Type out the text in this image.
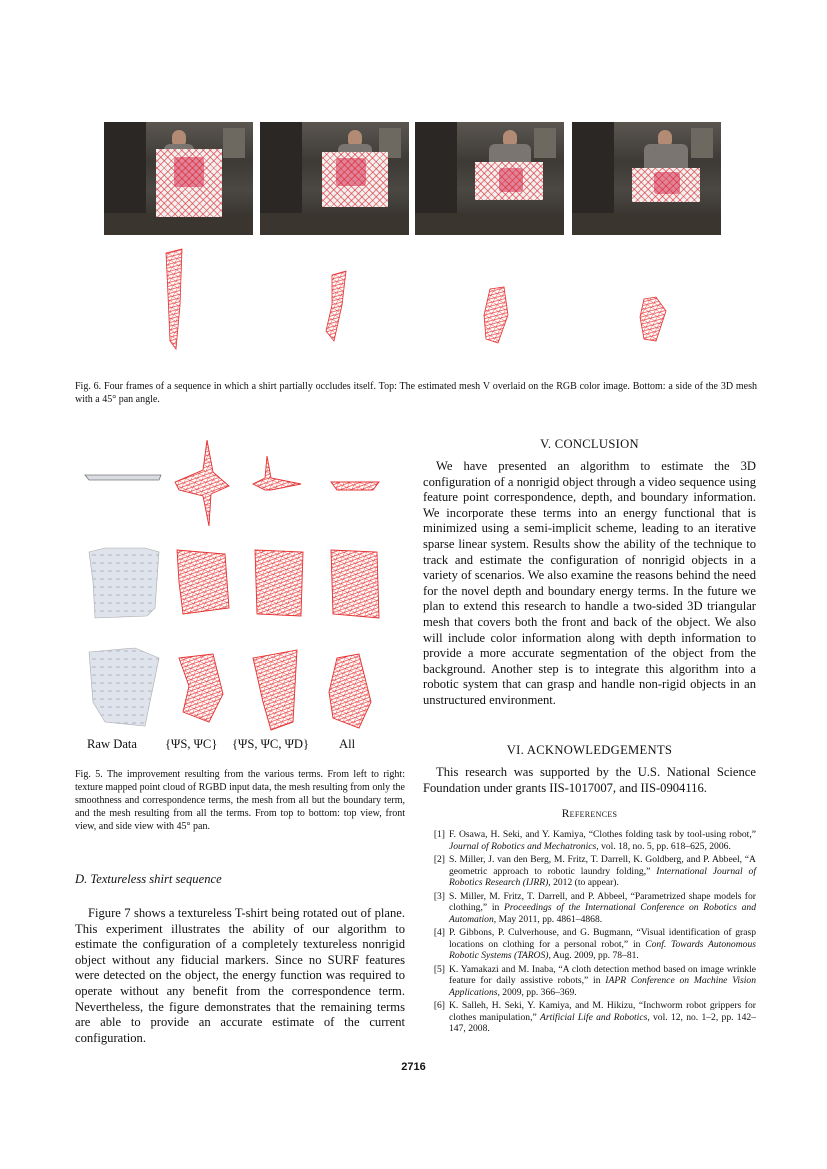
Fig. 6. Four frames of a sequence in which a shirt partially occludes itself. Top: The estimated mesh V overlaid on the RGB color image. Bottom: a side of the 3D mesh with a 45° pan angle.
Raw Data {ΨS, ΨC} {ΨS, ΨC, ΨD} All
Fig. 5. The improvement resulting from the various terms. From left to right: texture mapped point cloud of RGBD input data, the mesh resulting from only the smoothness and correspondence terms, the mesh from all but the boundary term, and the mesh resulting from all the terms. From top to bottom: top view, front view, and side view with 45° pan.
D. Textureless shirt sequence
Figure 7 shows a textureless T-shirt being rotated out of plane. This experiment illustrates the ability of our algorithm to estimate the configuration of a completely textureless nonrigid object without any fiducial markers. Since no SURF features were detected on the object, the energy function was required to operate without any benefit from the correspondence term. Nevertheless, the figure demonstrates that the remaining terms are able to provide an accurate estimate of the current configuration.
V. CONCLUSION
We have presented an algorithm to estimate the 3D configuration of a nonrigid object through a video sequence using feature point correspondence, depth, and boundary information. We incorporate these terms into an energy functional that is minimized using a semi-implicit scheme, leading to an iterative sparse linear system. Results show the ability of the technique to track and estimate the configuration of nonrigid objects in a variety of scenarios. We also examine the reasons behind the need for the novel depth and boundary energy terms. In the future we plan to extend this research to handle a two-sided 3D triangular mesh that covers both the front and back of the object. We also will include color information along with depth information to provide a more accurate segmentation of the object from the background. Another step is to integrate this algorithm into a robotic system that can grasp and handle non-rigid objects in an unstructured environment.
VI. ACKNOWLEDGEMENTS
This research was supported by the U.S. National Science Foundation under grants IIS-1017007, and IIS-0904116.
References
[1] F. Osawa, H. Seki, and Y. Kamiya, “Clothes folding task by tool-using robot,” Journal of Robotics and Mechatronics, vol. 18, no. 5, pp. 618–625, 2006.
[2] S. Miller, J. van den Berg, M. Fritz, T. Darrell, K. Goldberg, and P. Abbeel, “A geometric approach to robotic laundry folding,” International Journal of Robotics Research (IJRR), 2012 (to appear).
[3] S. Miller, M. Fritz, T. Darrell, and P. Abbeel, “Parametrized shape models for clothing,” in Proceedings of the International Conference on Robotics and Automation, May 2011, pp. 4861–4868.
[4] P. Gibbons, P. Culverhouse, and G. Bugmann, “Visual identification of grasp locations on clothing for a personal robot,” in Conf. Towards Autonomous Robotic Systems (TAROS), Aug. 2009, pp. 78–81.
[5] K. Yamakazi and M. Inaba, “A cloth detection method based on image wrinkle feature for daily assistive robots,” in IAPR Conference on Machine Vision Applications, 2009, pp. 366–369.
[6] K. Salleh, H. Seki, Y. Kamiya, and M. Hikizu, “Inchworm robot grippers for clothes manipulation,” Artificial Life and Robotics, vol. 12, no. 1–2, pp. 142–147, 2008.
2716
